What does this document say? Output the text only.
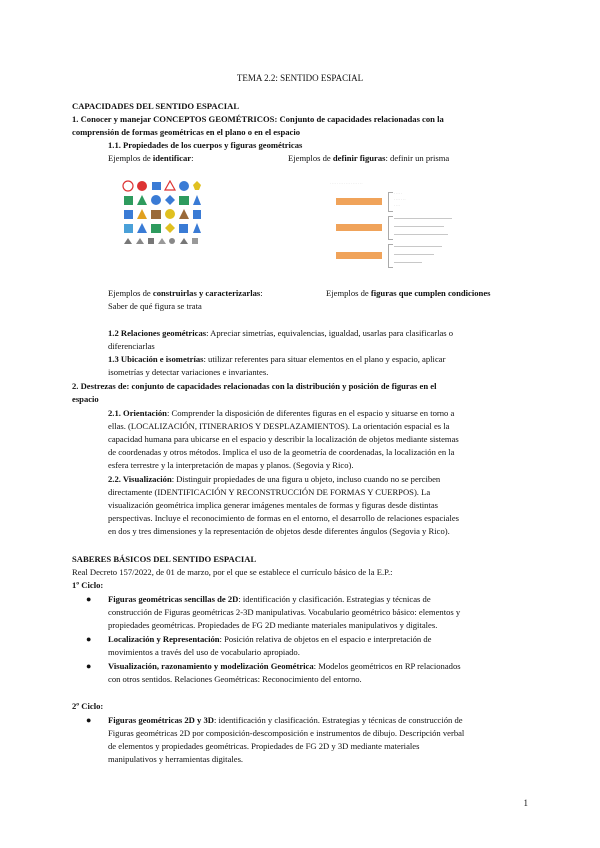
TEMA 2.2: SENTIDO ESPACIAL
CAPACIDADES DEL SENTIDO ESPACIAL
1. Conocer y manejar CONCEPTOS GEOMÉTRICOS: Conjunto de capacidades relacionadas con la
comprensión de formas geométricas en el plano o en el espacio
1.1. Propiedades de los cuerpos y figuras geométricas
Ejemplos de identificar:	Ejemplos de definir figuras: definir un prisma
· · · · · · · · · · · · · · · · · · ·
· · · · ·
· · · · · · ·
· · · ·
Ejemplos de construirlas y caracterizarlas:	Ejemplos de figuras que cumplen condiciones
Saber de qué figura se trata
1.2 Relaciones geométricas: Apreciar simetrías, equivalencias, igualdad, usarlas para clasificarlas o
diferenciarlas
1.3 Ubicación e isometrías: utilizar referentes para situar elementos en el plano y espacio, aplicar
isometrías y detectar variaciones e invariantes.
2. Destrezas de: conjunto de capacidades relacionadas con la distribución y posición de figuras en el
espacio
2.1. Orientación: Comprender la disposición de diferentes figuras en el espacio y situarse en torno a
ellas. (LOCALIZACIÓN, ITINERARIOS Y DESPLAZAMIENTOS). La orientación espacial es la
capacidad humana para ubicarse en el espacio y describir la localización de objetos mediante sistemas
de coordenadas y otros métodos. Implica el uso de la geometría de coordenadas, la localización en la
esfera terrestre y la interpretación de mapas y planos. (Segovia y Rico).
2.2. Visualización: Distinguir propiedades de una figura u objeto, incluso cuando no se perciben
directamente (IDENTIFICACIÓN Y RECONSTRUCCIÓN DE FORMAS Y CUERPOS). La
visualización geométrica implica generar imágenes mentales de formas y figuras desde distintas
perspectivas. Incluye el reconocimiento de formas en el entorno, el desarrollo de relaciones espaciales
en dos y tres dimensiones y la representación de objetos desde diferentes ángulos (Segovia y Rico).
SABERES BÁSICOS DEL SENTIDO ESPACIAL
Real Decreto 157/2022, de 01 de marzo, por el que se establece el currículo básico de la E.P.:
1º Ciclo:
● Figuras geométricas sencillas de 2D: identificación y clasificación. Estrategias y técnicas de
construcción de Figuras geométricas 2-3D manipulativas. Vocabulario geométrico básico: elementos y
propiedades geométricas. Propiedades de FG 2D mediante materiales manipulativos y digitales.
● Localización y Representación: Posición relativa de objetos en el espacio e interpretación de
movimientos a través del uso de vocabulario apropiado.
● Visualización, razonamiento y modelización Geométrica: Modelos geométricos en RP relacionados
con otros sentidos. Relaciones Geométricas: Reconocimiento del entorno.
2º Ciclo:
● Figuras geométricas 2D y 3D: identificación y clasificación. Estrategias y técnicas de construcción de
Figuras geométricas 2D por composición-descomposición e instrumentos de dibujo. Descripción verbal
de elementos y propiedades geométricas. Propiedades de FG 2D y 3D mediante materiales
manipulativos y herramientas digitales.
1
